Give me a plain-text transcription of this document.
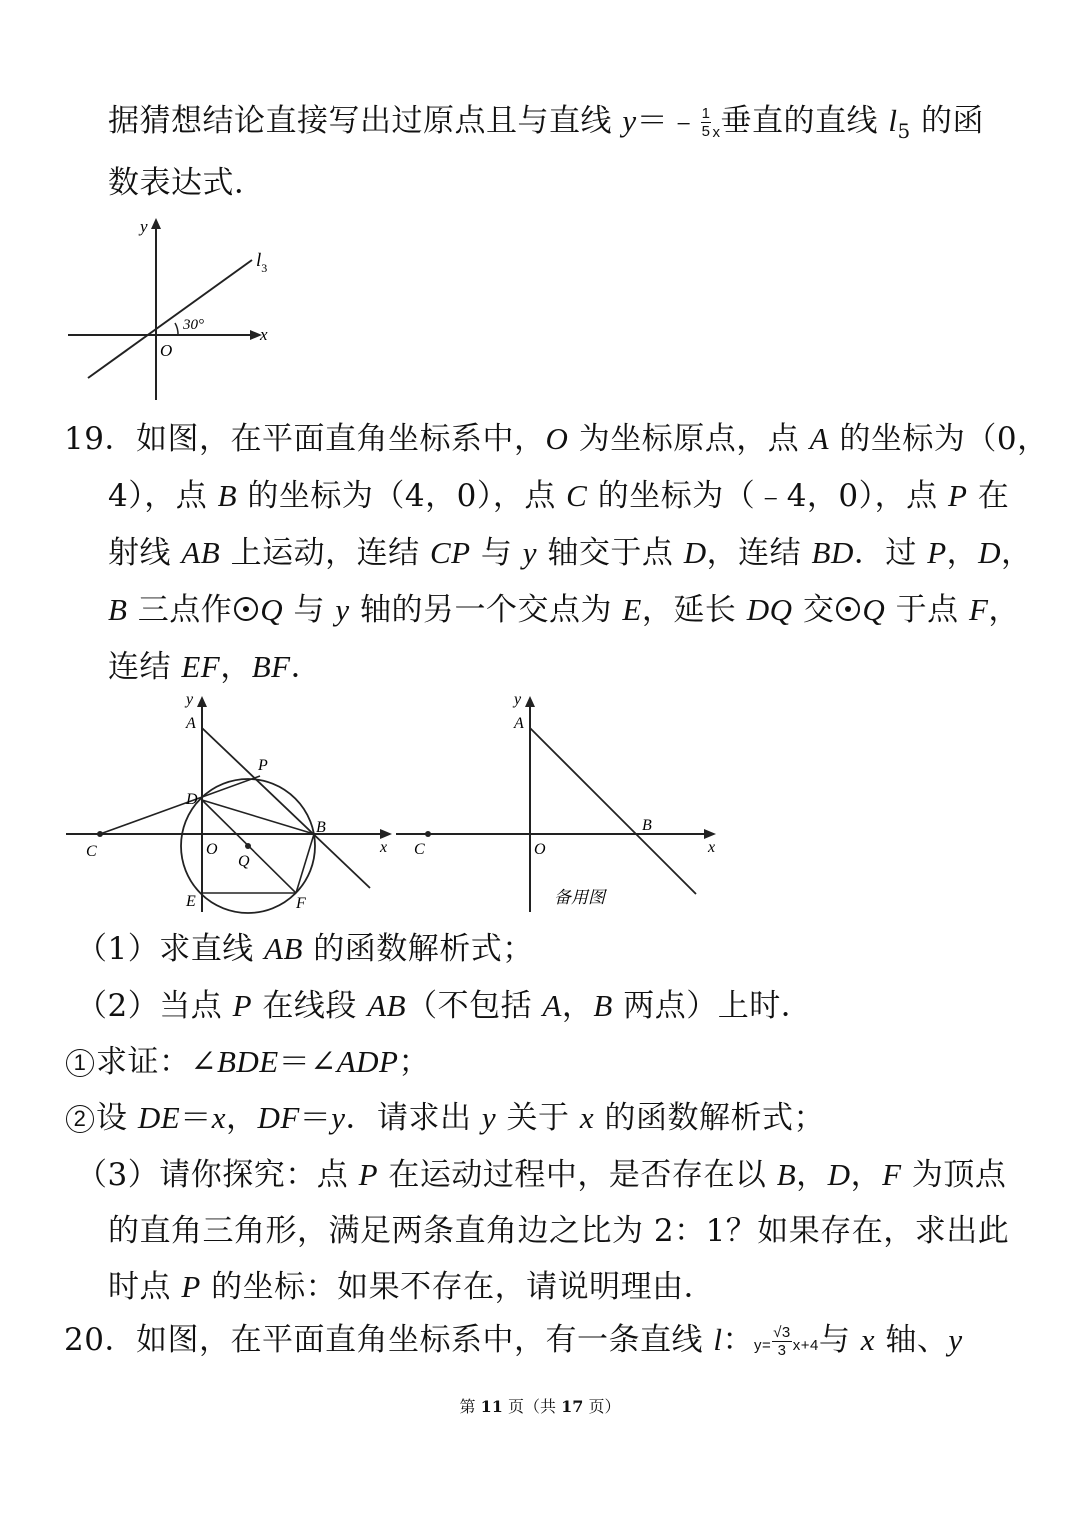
据猜想结论直接写出过原点且与直线 y＝﹣ $\frac{1}{5}$ x垂直的直线 $l_5$ 的函
数表达式．
y
x
$l_3$
30°
O
19．如图，在平面直角坐标系中，O 为坐标原点，点 A 的坐标为（0，
4），点 B 的坐标为（4，0），点 C 的坐标为（﹣4，0），点 P 在
射线 AB 上运动，连结 CP 与 y 轴交于点 D，连结 BD．过 P，D，
B 三点作 Q 与 y 轴的另一个交点为 E，延长 DQ 交 Q 于点 F，
连结 EF，BF．
y
A
P
D
B
C	O
Q
E	F
x
y
A
B
C	O	x
备用图
（1）求直线 AB 的函数解析式；
（2）当点 P 在线段 AB（不包括 A，B 两点）上时．
1 求证：∠BDE＝∠ADP；
2 设 DE＝x，DF＝y．请求出 y 关于 x 的函数解析式；
（3）请你探究：点 P 在运动过程中，是否存在以 B，D，F 为顶点
的直角三角形，满足两条直角边之比为 2：1？如果存在，求出此
时点 P 的坐标：如果不存在，请说明理由．
20．如图，在平面直角坐标系中，有一条直线 l：$y= \frac{√3}{3} x+4$与 x 轴、y
第 11 页（共 17 页）
